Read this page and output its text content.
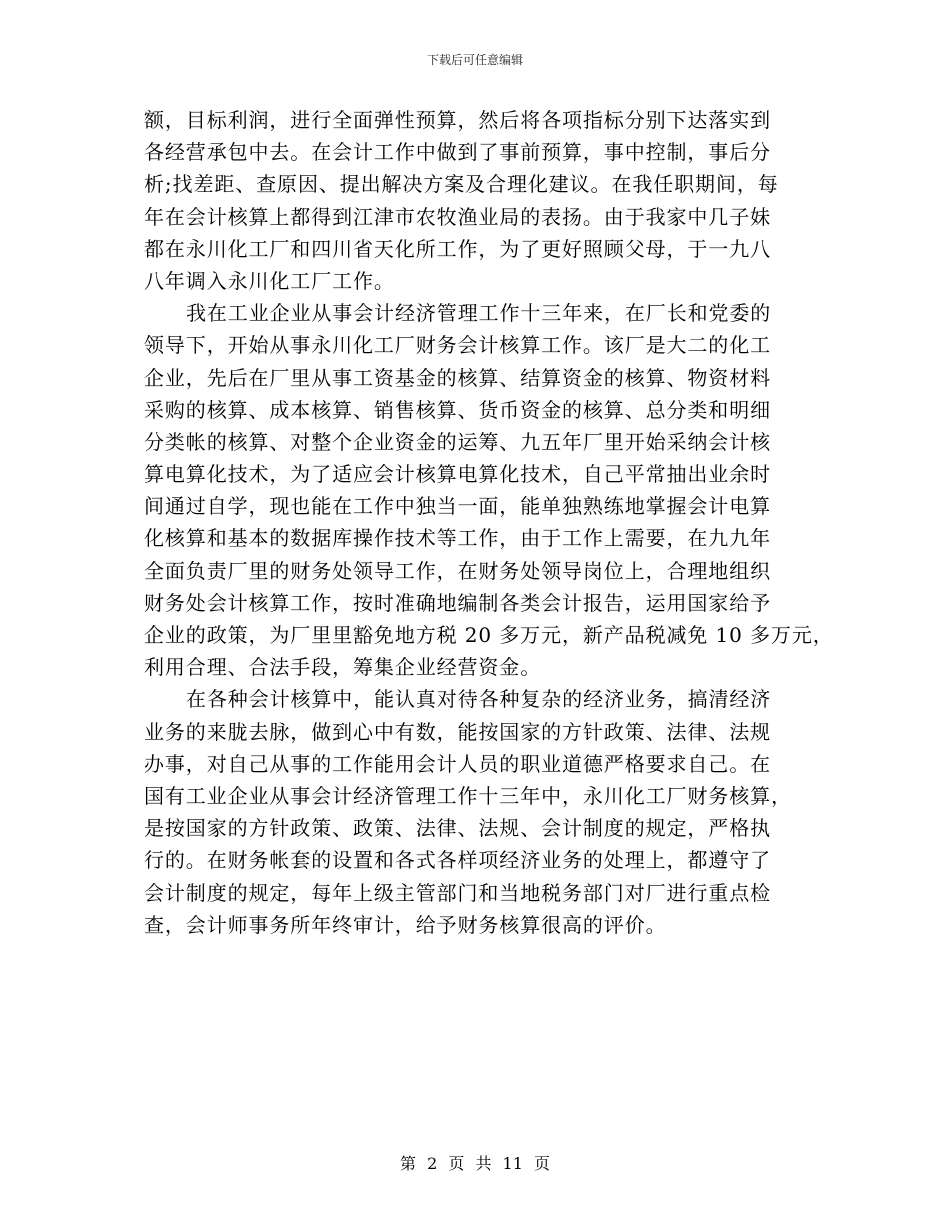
下载后可任意编辑
额，目标利润，进行全面弹性预算，然后将各项指标分别下达落实到
各经营承包中去。在会计工作中做到了事前预算，事中控制，事后分
析;找差距、查原因、提出解决方案及合理化建议。在我任职期间，每
年在会计核算上都得到江津市农牧渔业局的表扬。由于我家中几子妹
都在永川化工厂和四川省天化所工作，为了更好照顾父母，于一九八
八年调入永川化工厂工作。
我在工业企业从事会计经济管理工作十三年来，在厂长和党委的
领导下，开始从事永川化工厂财务会计核算工作。该厂是大二的化工
企业，先后在厂里从事工资基金的核算、结算资金的核算、物资材料
采购的核算、成本核算、销售核算、货币资金的核算、总分类和明细
分类帐的核算、对整个企业资金的运筹、九五年厂里开始采纳会计核
算电算化技术，为了适应会计核算电算化技术，自己平常抽出业余时
间通过自学，现也能在工作中独当一面，能单独熟练地掌握会计电算
化核算和基本的数据库操作技术等工作，由于工作上需要，在九九年
全面负责厂里的财务处领导工作，在财务处领导岗位上，合理地组织
财务处会计核算工作，按时准确地编制各类会计报告，运用国家给予
企业的政策，为厂里里豁免地方税 20 多万元，新产品税减免 10 多万元，
利用合理、合法手段，筹集企业经营资金。
在各种会计核算中，能认真对待各种复杂的经济业务，搞清经济
业务的来胧去脉，做到心中有数，能按国家的方针政策、法律、法规
办事，对自己从事的工作能用会计人员的职业道德严格要求自己。在
国有工业企业从事会计经济管理工作十三年中，永川化工厂财务核算，
是按国家的方针政策、政策、法律、法规、会计制度的规定，严格执
行的。在财务帐套的设置和各式各样项经济业务的处理上，都遵守了
会计制度的规定，每年上级主管部门和当地税务部门对厂进行重点检
查，会计师事务所年终审计，给予财务核算很高的评价。
第 2 页 共 11 页
